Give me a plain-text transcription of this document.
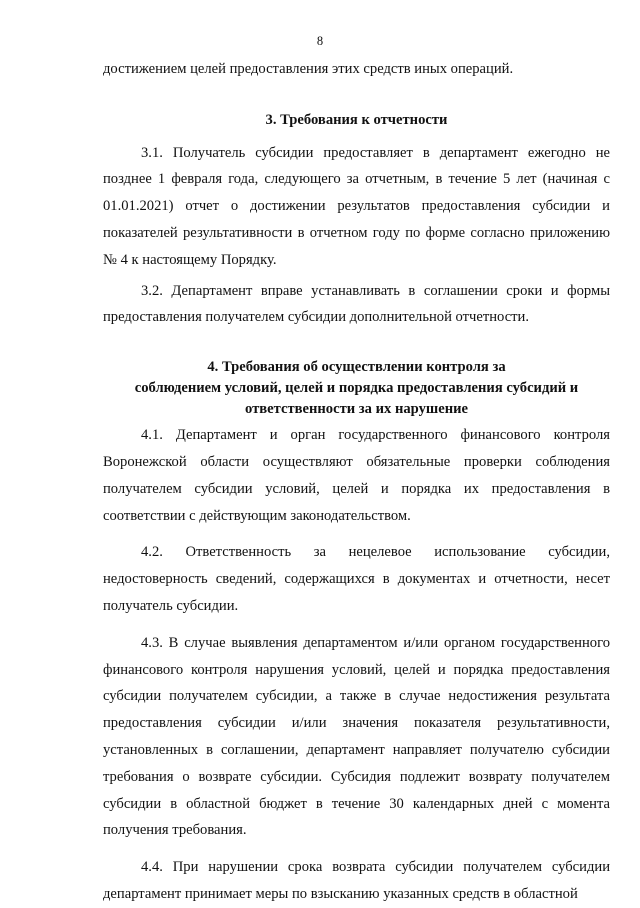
8

достижением целей предоставления этих средств иных операций.

3. Требования к отчетности

3.1. Получатель субсидии предоставляет в департамент ежегодно не позднее 1 февраля года, следующего за отчетным, в течение 5 лет (начиная с 01.01.2021) отчет о достижении результатов предоставления субсидии и показателей результативности в отчетном году по форме согласно приложению № 4 к настоящему Порядку.

3.2. Департамент вправе устанавливать в соглашении сроки и формы предоставления получателем субсидии дополнительной отчетности.

4. Требования об осуществлении контроля за
соблюдением условий, целей и порядка предоставления субсидий и
ответственности за их нарушение

4.1. Департамент и орган государственного финансового контроля Воронежской области осуществляют обязательные проверки соблюдения получателем субсидии условий, целей и порядка их предоставления в соответствии с действующим законодательством.

4.2. Ответственность за нецелевое использование субсидии, недостоверность сведений, содержащихся в документах и отчетности, несет получатель субсидии.

4.3. В случае выявления департаментом и/или органом государственного финансового контроля нарушения условий, целей и порядка предоставления субсидии получателем субсидии, а также в случае недостижения результата предоставления субсидии и/или значения показателя результативности, установленных в соглашении, департамент направляет получателю субсидии требования о возврате субсидии. Субсидия подлежит возврату получателем субсидии в областной бюджет в течение 30 календарных дней с момента получения требования.

4.4. При нарушении срока возврата субсидии получателем субсидии департамент принимает меры по взысканию указанных средств в областной
